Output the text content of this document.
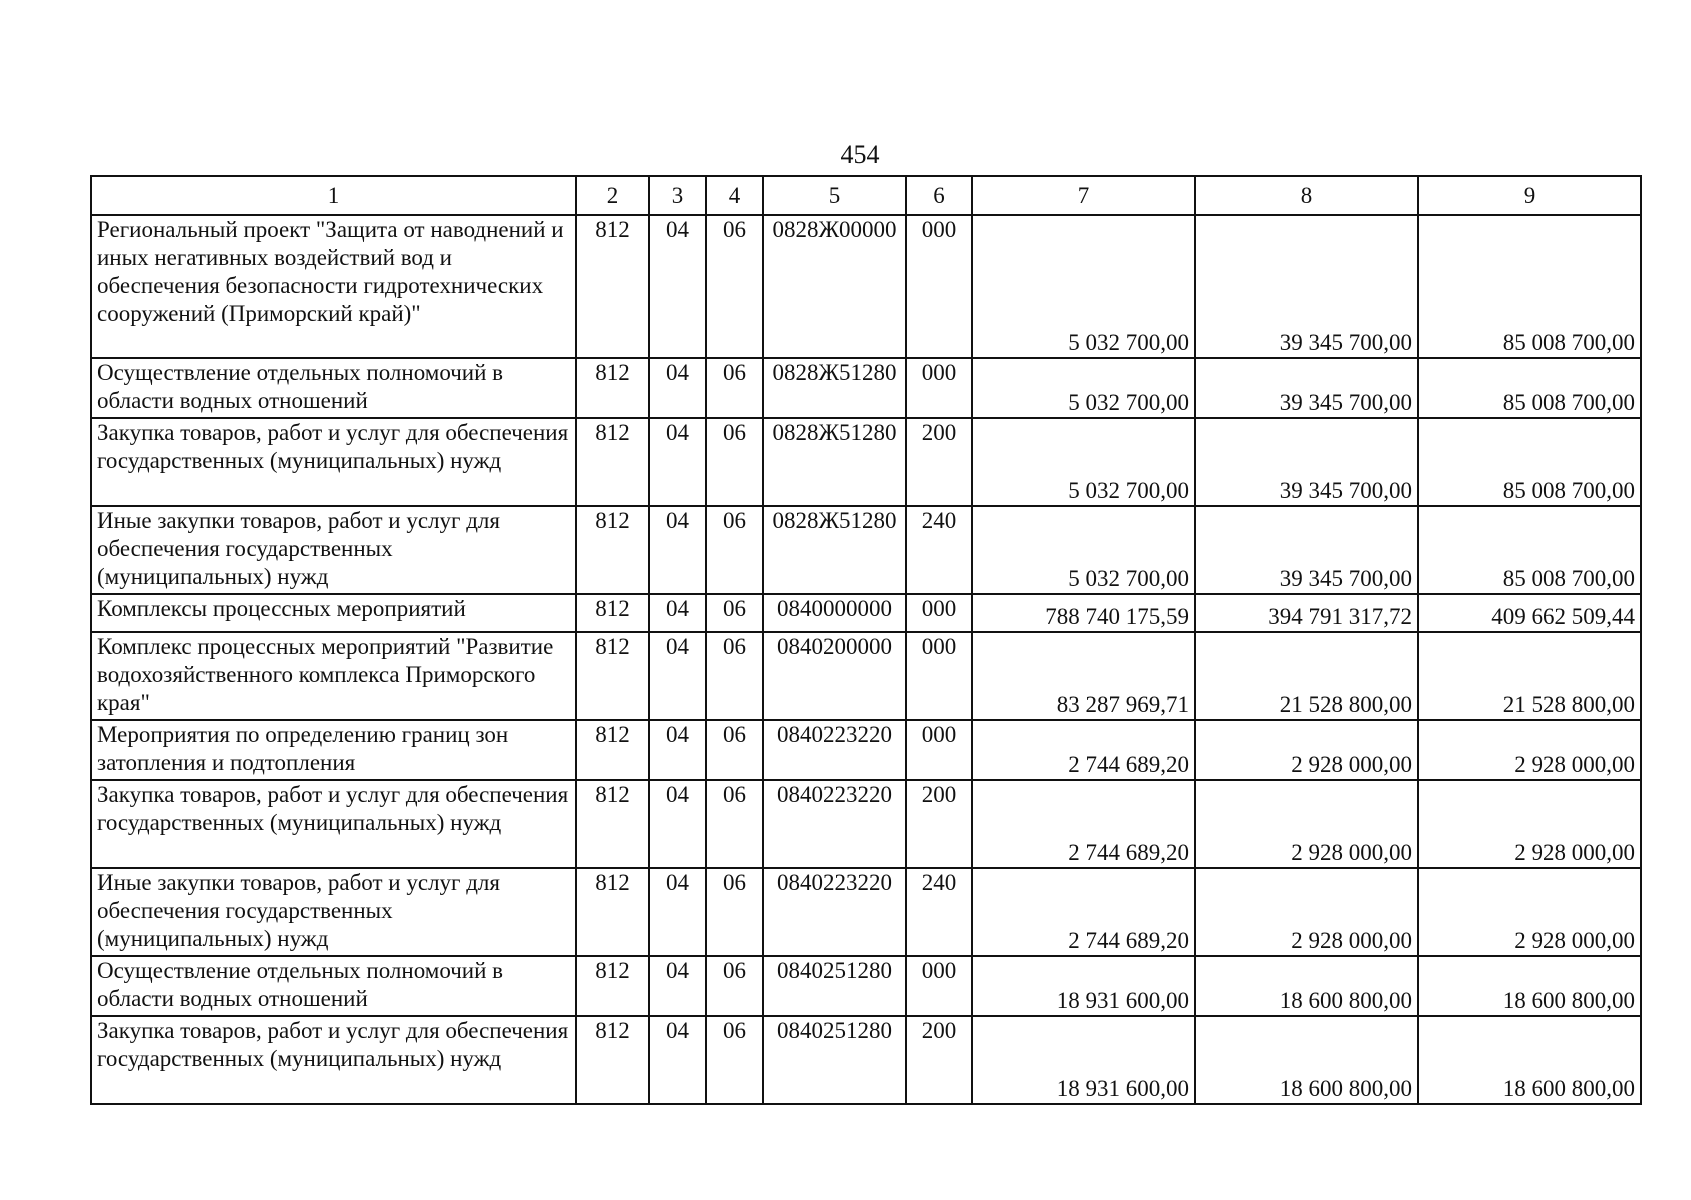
454
1	2	3	4	5	6	7	8	9
Региональный проект "Защита от наводнений и иных негативных воздействий вод и обеспечения безопасности гидротехнических сооружений (Приморский край)"	812	04	06	0828Ж00000	000	5 032 700,00	39 345 700,00	85 008 700,00
Осуществление отдельных полномочий в области водных отношений	812	04	06	0828Ж51280	000	5 032 700,00	39 345 700,00	85 008 700,00
Закупка товаров, работ и услуг для обеспечения государственных (муниципальных) нужд	812	04	06	0828Ж51280	200	5 032 700,00	39 345 700,00	85 008 700,00
Иные закупки товаров, работ и услуг для обеспечения государственных (муниципальных) нужд	812	04	06	0828Ж51280	240	5 032 700,00	39 345 700,00	85 008 700,00
Комплексы процессных мероприятий	812	04	06	0840000000	000	788 740 175,59	394 791 317,72	409 662 509,44
Комплекс процессных мероприятий "Развитие водохозяйственного комплекса Приморского края"	812	04	06	0840200000	000	83 287 969,71	21 528 800,00	21 528 800,00
Мероприятия по определению границ зон затопления и подтопления	812	04	06	0840223220	000	2 744 689,20	2 928 000,00	2 928 000,00
Закупка товаров, работ и услуг для обеспечения государственных (муниципальных) нужд	812	04	06	0840223220	200	2 744 689,20	2 928 000,00	2 928 000,00
Иные закупки товаров, работ и услуг для обеспечения государственных (муниципальных) нужд	812	04	06	0840223220	240	2 744 689,20	2 928 000,00	2 928 000,00
Осуществление отдельных полномочий в области водных отношений	812	04	06	0840251280	000	18 931 600,00	18 600 800,00	18 600 800,00
Закупка товаров, работ и услуг для обеспечения государственных (муниципальных) нужд	812	04	06	0840251280	200	18 931 600,00	18 600 800,00	18 600 800,00
